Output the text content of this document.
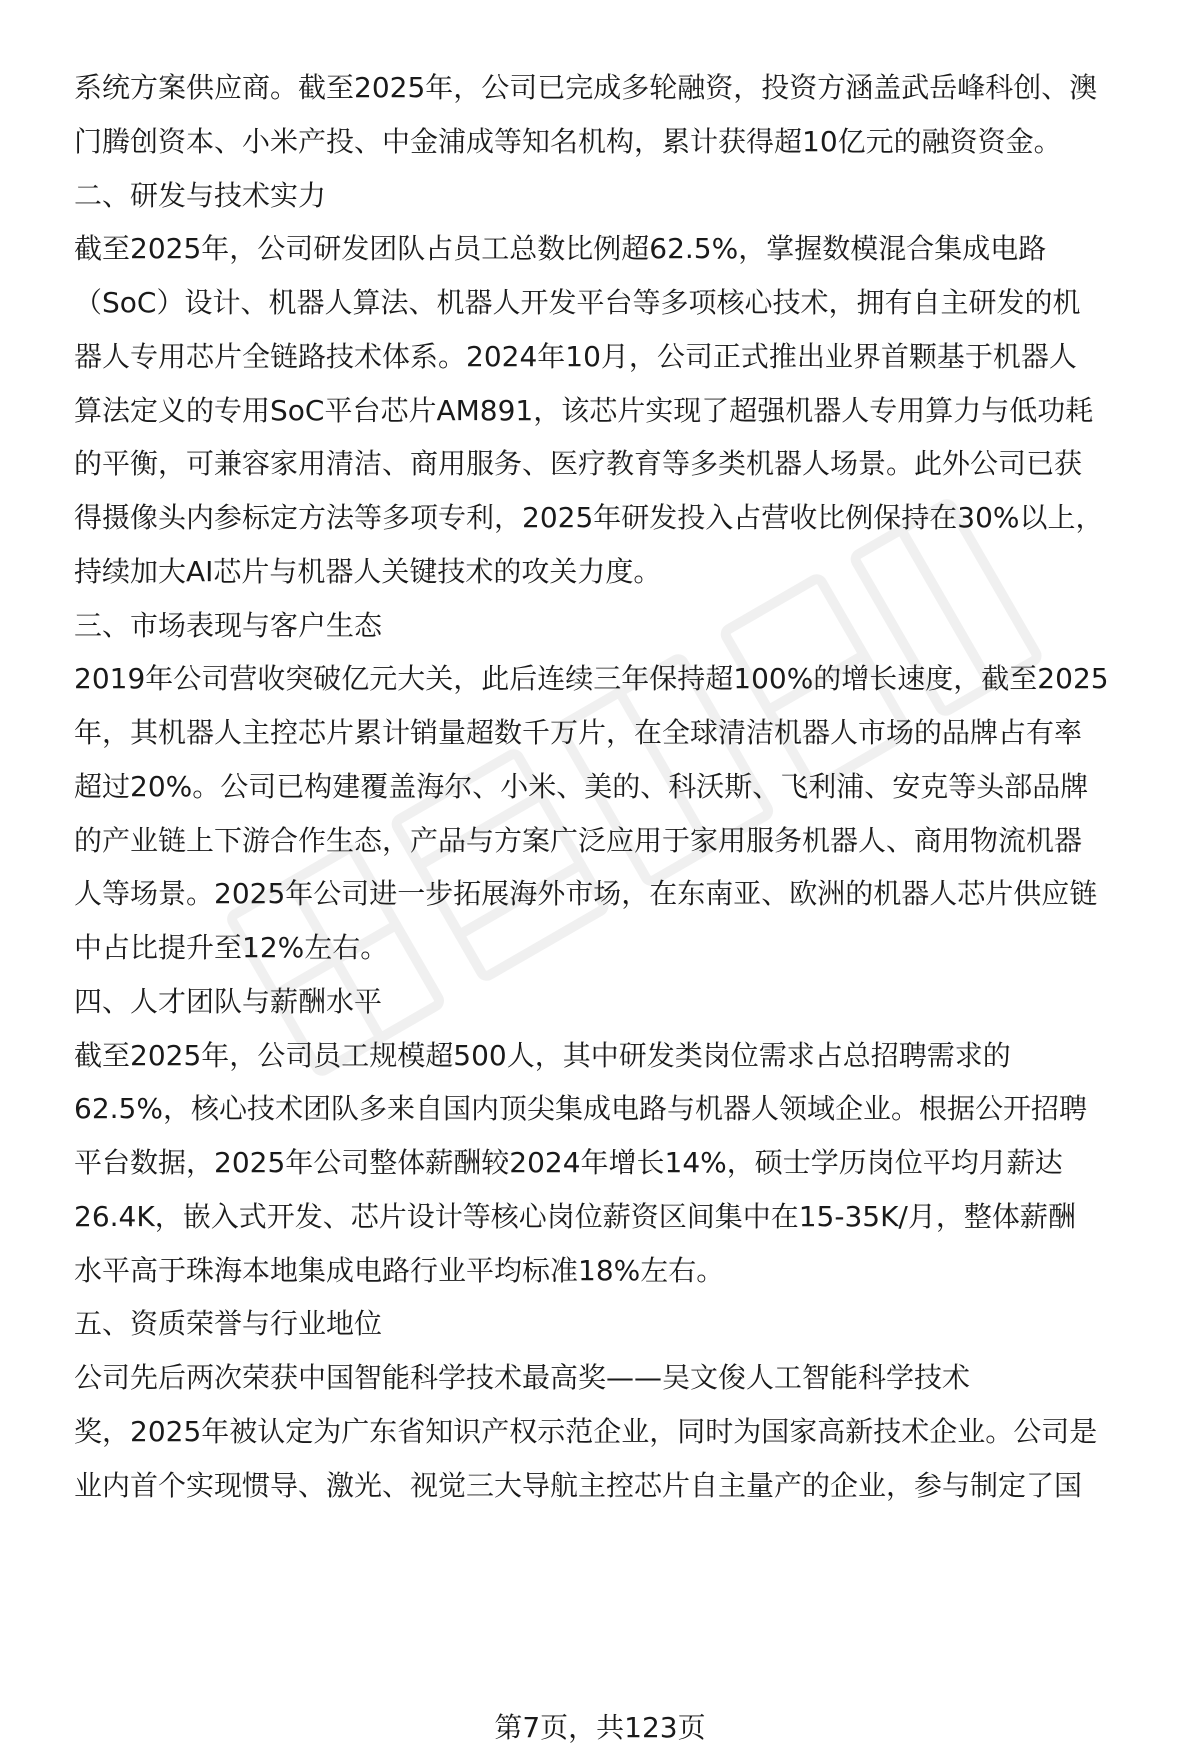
系统方案供应商。截至2025年，公司已完成多轮融资，投资方涵盖武岳峰科创、澳
门腾创资本、小米产投、中金浦成等知名机构，累计获得超10亿元的融资资金。
二、研发与技术实力
截至2025年，公司研发团队占员工总数比例超62.5%，掌握数模混合集成电路
（SoC）设计、机器人算法、机器人开发平台等多项核心技术，拥有自主研发的机
器人专用芯片全链路技术体系。2024年10月，公司正式推出业界首颗基于机器人
算法定义的专用SoC平台芯片AM891，该芯片实现了超强机器人专用算力与低功耗
的平衡，可兼容家用清洁、商用服务、医疗教育等多类机器人场景。此外公司已获
得摄像头内参标定方法等多项专利，2025年研发投入占营收比例保持在30%以上，
持续加大AI芯片与机器人关键技术的攻关力度。
三、市场表现与客户生态
2019年公司营收突破亿元大关，此后连续三年保持超100%的增长速度，截至2025
年，其机器人主控芯片累计销量超数千万片，在全球清洁机器人市场的品牌占有率
超过20%。公司已构建覆盖海尔、小米、美的、科沃斯、飞利浦、安克等头部品牌
的产业链上下游合作生态，产品与方案广泛应用于家用服务机器人、商用物流机器
人等场景。2025年公司进一步拓展海外市场，在东南亚、欧洲的机器人芯片供应链
中占比提升至12%左右。
四、人才团队与薪酬水平
截至2025年，公司员工规模超500人，其中研发类岗位需求占总招聘需求的
62.5%，核心技术团队多来自国内顶尖集成电路与机器人领域企业。根据公开招聘
平台数据，2025年公司整体薪酬较2024年增长14%，硕士学历岗位平均月薪达
26.4K，嵌入式开发、芯片设计等核心岗位薪资区间集中在15-35K/月，整体薪酬
水平高于珠海本地集成电路行业平均标准18%左右。
五、资质荣誉与行业地位
公司先后两次荣获中国智能科学技术最高奖——吴文俊人工智能科学技术
奖，2025年被认定为广东省知识产权示范企业，同时为国家高新技术企业。公司是
业内首个实现惯导、激光、视觉三大导航主控芯片自主量产的企业，参与制定了国
第7页，共123页
